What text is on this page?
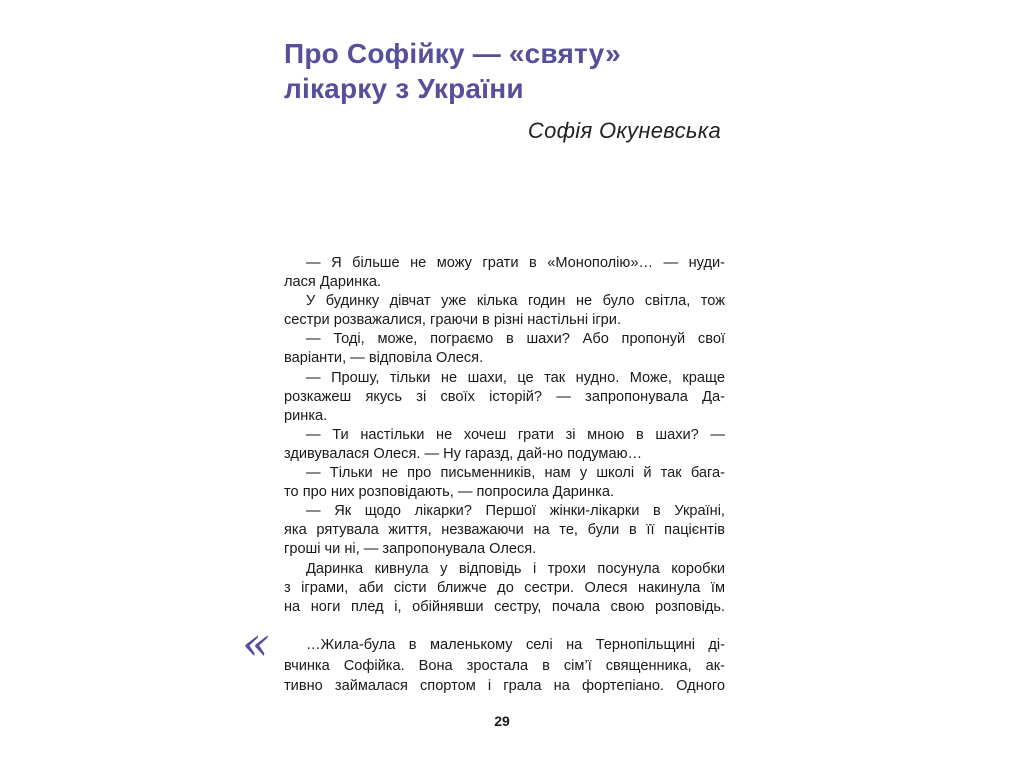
Про Софійку — «святу»
лікарку з України
Софія Окуневська
— Я більше не можу грати в «Монополію»… — нуди-
лася Даринка.
У будинку дівчат уже кілька годин не було світла, тож
сестри розважалися, граючи в різні настільні ігри.
— Тоді, може, пограємо в шахи? Або пропонуй свої
варіанти, — відповіла Олеся.
— Прошу, тільки не шахи, це так нудно. Може, краще
розкажеш якусь зі своїх історій? — запропонувала Да-
ринка.
— Ти настільки не хочеш грати зі мною в шахи? —
здивувалася Олеся. — Ну гаразд, дай-но подумаю…
— Тільки не про письменників, нам у школі й так бага-
то про них розповідають, — попросила Даринка.
— Як щодо лікарки? Першої жінки-лікарки в Україні,
яка рятувала життя, незважаючи на те, були в її пацієнтів
гроші чи ні, — запропонувала Олеся.
Даринка кивнула у відповідь і трохи посунула коробки
з іграми, аби сісти ближче до сестри. Олеся накинула їм
на ноги плед і, обійнявши сестру, почала свою розповідь.
«	…Жила-була в маленькому селі на Тернопільщині ді-
вчинка Софійка. Вона зростала в сім’ї священника, ак-
тивно займалася спортом і грала на фортепіано. Одного
29
